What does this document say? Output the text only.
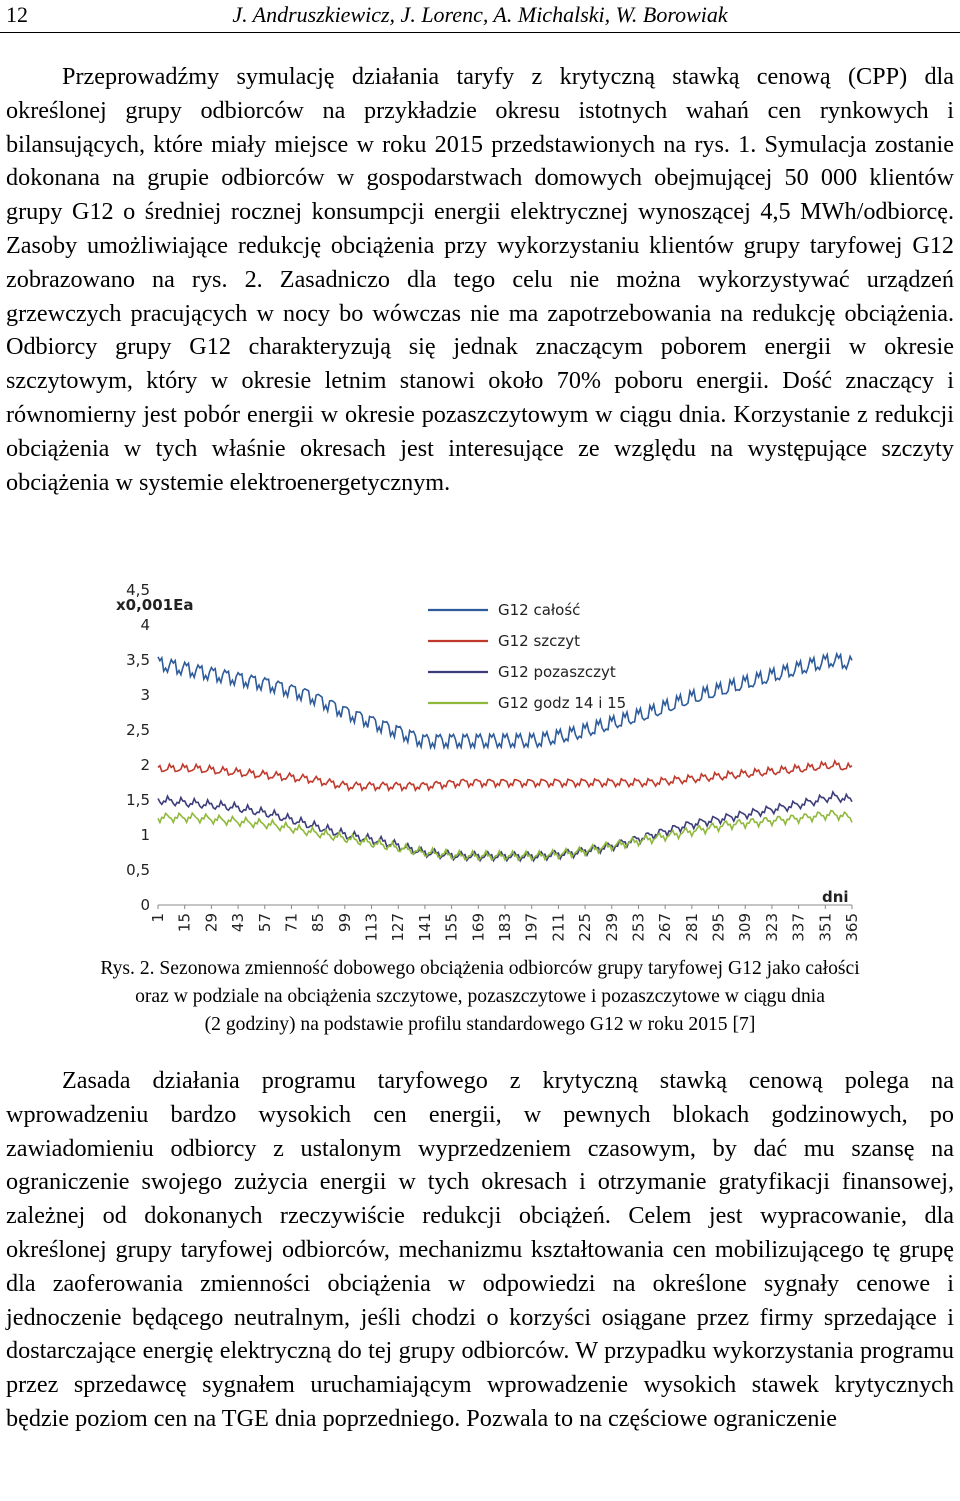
12	J. Andruszkiewicz, J. Lorenc, A. Michalski, W. Borowiak

Przeprowadźmy symulację działania taryfy z krytyczną stawką cenową (CPP) dla określonej grupy odbiorców na przykładzie okresu istotnych wahań cen rynkowych i bilansujących, które miały miejsce w roku 2015 przedstawionych na rys. 1. Symulacja zostanie dokonana na grupie odbiorców w gospodarstwach domowych obejmującej 50 000 klientów grupy G12 o średniej rocznej konsumpcji energii elektrycznej wynoszącej 4,5 MWh/odbiorcę. Zasoby umożliwiające redukcję obciążenia przy wykorzystaniu klientów grupy taryfowej G12 zobrazowano na rys. 2. Zasadniczo dla tego celu nie można wykorzystywać urządzeń grzewczych pracujących w nocy bo wówczas nie ma zapotrzebowania na redukcję obciążenia. Odbiorcy grupy G12 charakteryzują się jednak znaczącym poborem energii w okresie szczytowym, który w okresie letnim stanowi około 70% poboru energii. Dość znaczący i równomierny jest pobór energii w okresie pozaszczytowym w ciągu dnia. Korzystanie z redukcji obciążenia w tych właśnie okresach jest interesujące ze względu na występujące szczyty obciążenia w systemie elektroenergetycznym.

0
0,5
1
1,5
2
2,5
3
3,5
4
4,5
1 15 29 43 57 71 85 99 113 127 141 155 169 183 197 211 225 239 253 267 281 295 309 323 337 351 365
G12 całość
G12 szczyt
G12 pozaszczyt
G12 godz 14 i 15
x0,001Ea
dni
Rys. 2. Sezonowa zmienność dobowego obciążenia odbiorców grupy taryfowej G12 jako całości
oraz w podziale na obciążenia szczytowe, pozaszczytowe i pozaszczytowe w ciągu dnia
(2 godziny) na podstawie profilu standardowego G12 w roku 2015 [7]

Zasada działania programu taryfowego z krytyczną stawką cenową polega na wprowadzeniu bardzo wysokich cen energii, w pewnych blokach godzinowych, po zawiadomieniu odbiorcy z ustalonym wyprzedzeniem czasowym, by dać mu szansę na ograniczenie swojego zużycia energii w tych okresach i otrzymanie gratyfikacji finansowej, zależnej od dokonanych rzeczywiście redukcji obciążeń. Celem jest wypracowanie, dla określonej grupy taryfowej odbiorców, mechanizmu kształtowania cen mobilizującego tę grupę dla zaoferowania zmienności obciążenia w odpowiedzi na określone sygnały cenowe i jednoczenie będącego neutralnym, jeśli chodzi o korzyści osiągane przez firmy sprzedające i dostarczające energię elektryczną do tej grupy odbiorców. W przypadku wykorzystania programu przez sprzedawcę sygnałem uruchamiającym wprowadzenie wysokich stawek krytycznych będzie poziom cen na TGE dnia poprzedniego. Pozwala to na częściowe ograniczenie
